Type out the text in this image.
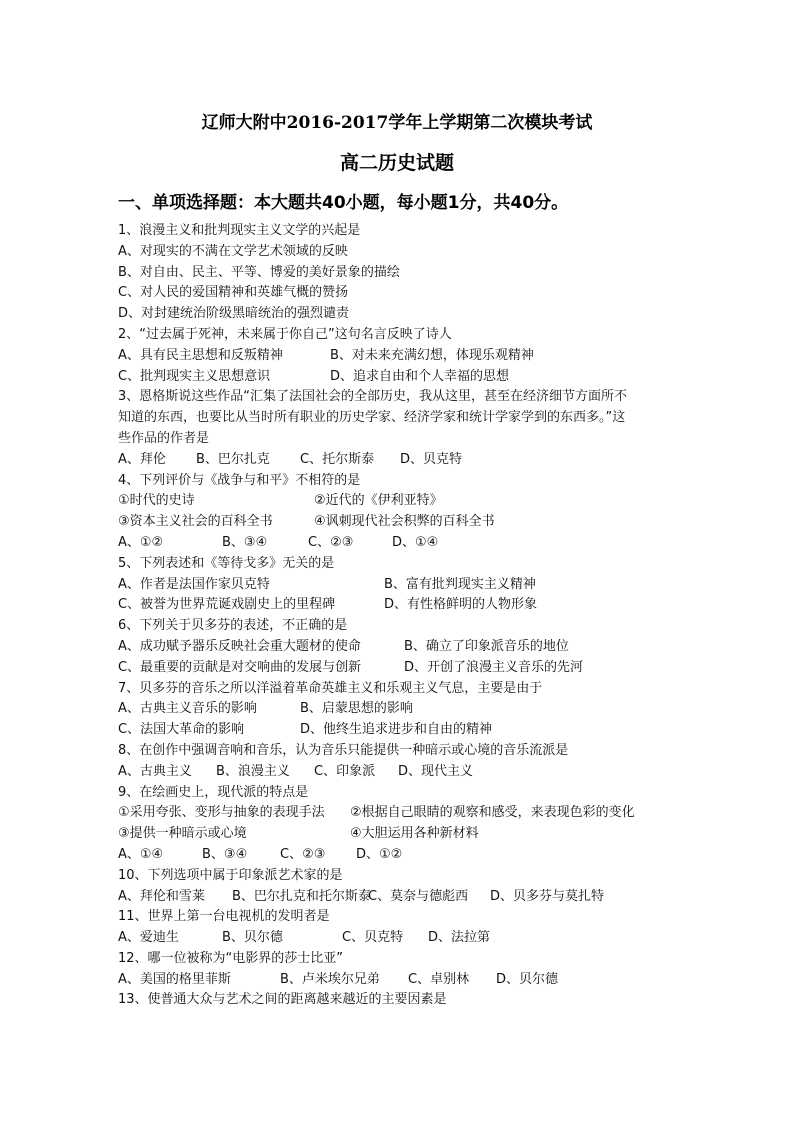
辽师大附中2016-2017学年上学期第二次模块考试
高二历史试题
一、单项选择题：本大题共40小题，每小题1分，共40分。
1、浪漫主义和批判现实主义文学的兴起是
A、对现实的不满在文学艺术领域的反映
B、对自由、民主、平等、博爱的美好景象的描绘
C、对人民的爱国精神和英雄气概的赞扬
D、对封建统治阶级黑暗统治的强烈谴责
2、“过去属于死神，未来属于你自己”这句名言反映了诗人
A、具有民主思想和反叛精神	B、对未来充满幻想，体现乐观精神
C、批判现实主义思想意识	D、追求自由和个人幸福的思想
3、恩格斯说这些作品“汇集了法国社会的全部历史，我从这里，甚至在经济细节方面所不
知道的东西，也要比从当时所有职业的历史学家、经济学家和统计学家学到的东西多。”这
些作品的作者是
A、拜伦 B、巴尔扎克 C、托尔斯泰 D、贝克特
4、下列评价与《战争与和平》不相符的是
①时代的史诗	②近代的《伊利亚特》
③资本主义社会的百科全书	④讽刺现代社会积弊的百科全书
A、①②	B、③④	C、②③	D、①④
5、下列表述和《等待戈多》无关的是
A、作者是法国作家贝克特	B、富有批判现实主义精神
C、被誉为世界荒诞戏剧史上的里程碑	D、有性格鲜明的人物形象
6、下列关于贝多芬的表述，不正确的是
A、成功赋予器乐反映社会重大题材的使命	B、确立了印象派音乐的地位
C、最重要的贡献是对交响曲的发展与创新	D、开创了浪漫主义音乐的先河
7、贝多芬的音乐之所以洋溢着革命英雄主义和乐观主义气息，主要是由于
A、古典主义音乐的影响	B、启蒙思想的影响
C、法国大革命的影响	D、他终生追求进步和自由的精神
8、在创作中强调音响和音乐，认为音乐只能提供一种暗示或心境的音乐流派是
A、古典主义 B、浪漫主义 C、印象派 D、现代主义
9、在绘画史上，现代派的特点是
①采用夸张、变形与抽象的表现手法 ②根据自己眼睛的观察和感受，来表现色彩的变化
③提供一种暗示或心境	④大胆运用各种新材料
A、①④	B、③④	C、②③ D、①②
10、下列选项中属于印象派艺术家的是
A、拜伦和雪莱 B、巴尔扎克和托尔斯泰
C、莫奈与德彪西 D、贝多芬与莫扎特
11、世界上第一台电视机的发明者是
A、爱迪生	B、贝尔德	C、贝克特 D、法拉第
12、哪一位被称为“电影界的莎士比亚”
A、美国的格里菲斯	B、卢米埃尔兄弟 C、卓别林 D、贝尔德
13、使普通大众与艺术之间的距离越来越近的主要因素是
